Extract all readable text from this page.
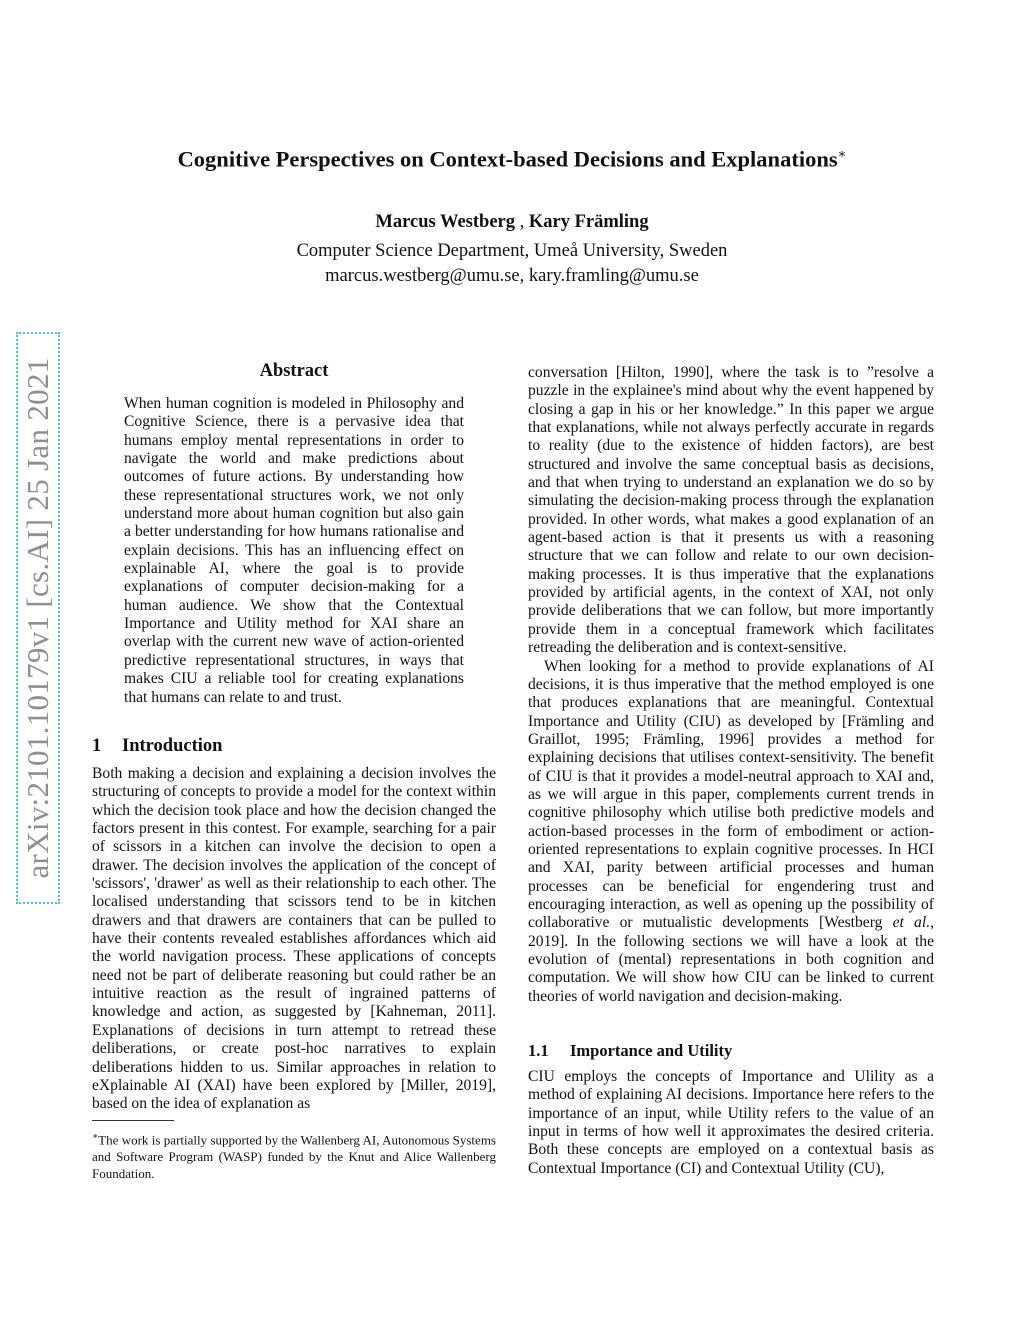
arXiv:2101.10179v1 [cs.AI] 25 Jan 2021
Cognitive Perspectives on Context-based Decisions and Explanations∗
Marcus Westberg , Kary Främling
Computer Science Department, Umeå University, Sweden
marcus.westberg@umu.se, kary.framling@umu.se
Abstract
When human cognition is modeled in Philosophy and Cognitive Science, there is a pervasive idea that humans employ mental representations in order to navigate the world and make predictions about outcomes of future actions. By understanding how these representational structures work, we not only understand more about human cognition but also gain a better understanding for how humans rationalise and explain decisions. This has an influencing effect on explainable AI, where the goal is to provide explanations of computer decision-making for a human audience. We show that the Contextual Importance and Utility method for XAI share an overlap with the current new wave of action-oriented predictive representational structures, in ways that makes CIU a reliable tool for creating explanations that humans can relate to and trust.
1 Introduction

Both making a decision and explaining a decision involves the structuring of concepts to provide a model for the context within which the decision took place and how the decision changed the factors present in this contest. For example, searching for a pair of scissors in a kitchen can involve the decision to open a drawer. The decision involves the application of the concept of 'scissors', 'drawer' as well as their relationship to each other. The localised understanding that scissors tend to be in kitchen drawers and that drawers are containers that can be pulled to have their contents revealed establishes affordances which aid the world navigation process. These applications of concepts need not be part of deliberate reasoning but could rather be an intuitive reaction as the result of ingrained patterns of knowledge and action, as suggested by [Kahneman, 2011]. Explanations of decisions in turn attempt to retread these deliberations, or create post-hoc narratives to explain deliberations hidden to us. Similar approaches in relation to eXplainable AI (XAI) have been explored by [Miller, 2019], based on the idea of explanation as

∗The work is partially supported by the Wallenberg AI, Autonomous Systems and Software Program (WASP) funded by the Knut and Alice Wallenberg Foundation.

conversation [Hilton, 1990], where the task is to ”resolve a puzzle in the explainee's mind about why the event happened by closing a gap in his or her knowledge.” In this paper we argue that explanations, while not always perfectly accurate in regards to reality (due to the existence of hidden factors), are best structured and involve the same conceptual basis as decisions, and that when trying to understand an explanation we do so by simulating the decision-making process through the explanation provided. In other words, what makes a good explanation of an agent-based action is that it presents us with a reasoning structure that we can follow and relate to our own decision-making processes. It is thus imperative that the explanations provided by artificial agents, in the context of XAI, not only provide deliberations that we can follow, but more importantly provide them in a conceptual framework which facilitates retreading the deliberation and is context-sensitive.

When looking for a method to provide explanations of AI decisions, it is thus imperative that the method employed is one that produces explanations that are meaningful. Contextual Importance and Utility (CIU) as developed by [Främling and Graillot, 1995; Främling, 1996] provides a method for explaining decisions that utilises context-sensitivity. The benefit of CIU is that it provides a model-neutral approach to XAI and, as we will argue in this paper, complements current trends in cognitive philosophy which utilise both predictive models and action-based processes in the form of embodiment or action-oriented representations to explain cognitive processes. In HCI and XAI, parity between artificial processes and human processes can be beneficial for engendering trust and encouraging interaction, as well as opening up the possibility of collaborative or mutualistic developments [Westberg et al., 2019]. In the following sections we will have a look at the evolution of (mental) representations in both cognition and computation. We will show how CIU can be linked to current theories of world navigation and decision-making.

1.1 Importance and Utility

CIU employs the concepts of Importance and Ulility as a method of explaining AI decisions. Importance here refers to the importance of an input, while Utility refers to the value of an input in terms of how well it approximates the desired criteria. Both these concepts are employed on a contextual basis as Contextual Importance (CI) and Contextual Utility (CU),
